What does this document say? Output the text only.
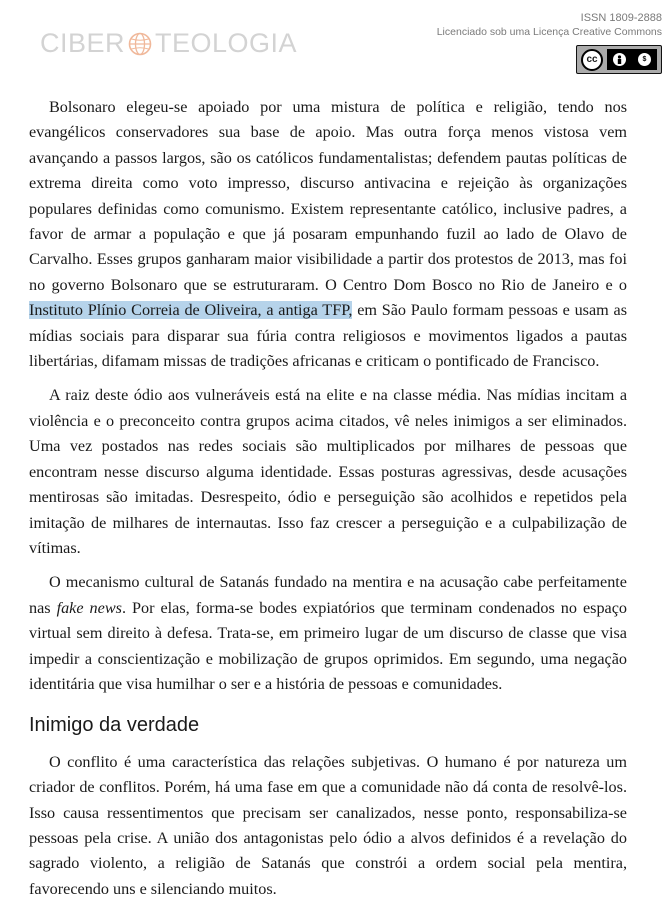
CIBER TEOLOGIA
ISSN 1809-2888
Licenciado sob uma Licença Creative Commons
cc	$

Bolsonaro elegeu-se apoiado por uma mistura de política e religião, tendo nos evangélicos conservadores sua base de apoio. Mas outra força menos vistosa vem avançando a passos largos, são os católicos fundamentalistas; defendem pautas políticas de extrema direita como voto impresso, discurso antivacina e rejeição às organizações populares definidas como comunismo. Existem representante católico, inclusive padres, a favor de armar a população e que já posaram empunhando fuzil ao lado de Olavo de Carvalho. Esses grupos ganharam maior visibilidade a partir dos protestos de 2013, mas foi no governo Bolsonaro que se estruturaram. O Centro Dom Bosco no Rio de Janeiro e o Instituto Plínio Correia de Oliveira, a antiga TFP, em São Paulo formam pessoas e usam as mídias sociais para disparar sua fúria contra religiosos e movimentos ligados a pautas libertárias, difamam missas de tradições africanas e criticam o pontificado de Francisco.

A raiz deste ódio aos vulneráveis está na elite e na classe média. Nas mídias incitam a violência e o preconceito contra grupos acima citados, vê neles inimigos a ser eliminados. Uma vez postados nas redes sociais são multiplicados por milhares de pessoas que encontram nesse discurso alguma identidade. Essas posturas agressivas, desde acusações mentirosas são imitadas. Desrespeito, ódio e perseguição são acolhidos e repetidos pela imitação de milhares de internautas. Isso faz crescer a perseguição e a culpabilização de vítimas.

O mecanismo cultural de Satanás fundado na mentira e na acusação cabe perfeitamente nas fake news. Por elas, forma-se bodes expiatórios que terminam condenados no espaço virtual sem direito à defesa. Trata-se, em primeiro lugar de um discurso de classe que visa impedir a conscientização e mobilização de grupos oprimidos. Em segundo, uma negação identitária que visa humilhar o ser e a história de pessoas e comunidades.

Inimigo da verdade

O conflito é uma característica das relações subjetivas. O humano é por natureza um criador de conflitos. Porém, há uma fase em que a comunidade não dá conta de resolvê-los. Isso causa ressentimentos que precisam ser canalizados, nesse ponto, responsabiliza-se pessoas pela crise. A união dos antagonistas pelo ódio a alvos definidos é a revelação do sagrado violento, a religião de Satanás que constrói a ordem social pela mentira, favorecendo uns e silenciando muitos.
